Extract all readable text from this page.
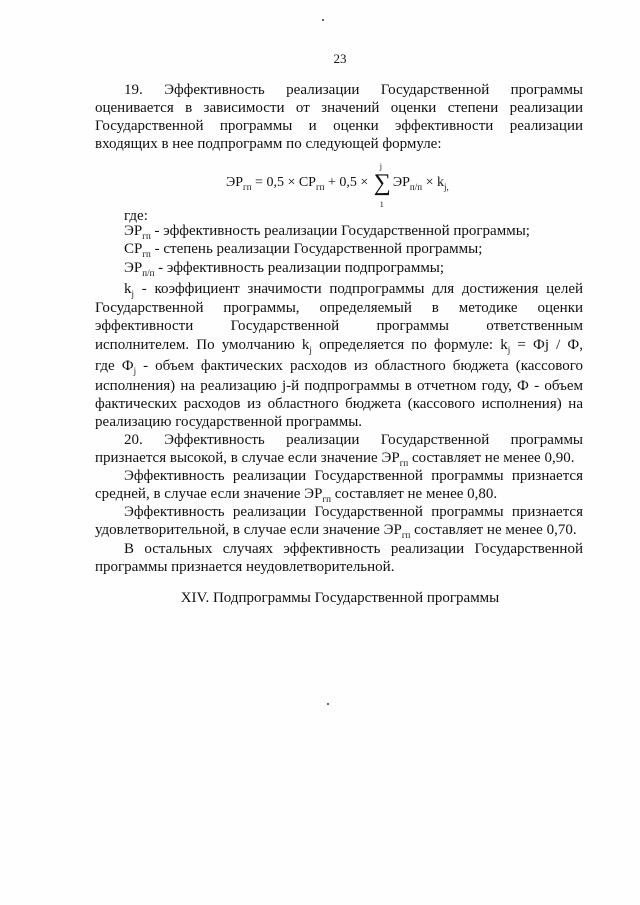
23
19. Эффективность реализации Государственной программы
оценивается в зависимости от значений оценки степени реализации
Государственной программы и оценки эффективности реализации
входящих в нее подпрограмм по следующей формуле:
$ЭР_{гп} = 0,5 \times СР_{гп} + 0,5$ ×
j
∑
1
$ЭР_{п/п} \times k_{j,}$
где:
$ЭР_{гп}$ - эффективность реализации Государственной программы;
$СР_{гп}$ - степень реализации Государственной программы;
$ЭР_{п/п}$ - эффективность реализации подпрограммы;
$k_j$ - коэффициент значимости подпрограммы для достижения целей
Государственной программы, определяемый в методике оценки
эффективности Государственной программы ответственным
исполнителем. По умолчанию $k_j$ определяется по формуле: $k_j$ = Фj / Ф,
где $Ф_j$ - объем фактических расходов из областного бюджета (кассового
исполнения) на реализацию j-й подпрограммы в отчетном году, Ф - объем
фактических расходов из областного бюджета (кассового исполнения) на
реализацию государственной программы.
20. Эффективность реализации Государственной программы
признается высокой, в случае если значение $ЭР_{гп}$ составляет не менее 0,90.
Эффективность реализации Государственной программы признается
средней, в случае если значение $ЭР_{гп}$ составляет не менее 0,80.
Эффективность реализации Государственной программы признается
удовлетворительной, в случае если значение $ЭР_{гп}$ составляет не менее 0,70.
В остальных случаях эффективность реализации Государственной
программы признается неудовлетворительной.
XIV. Подпрограммы Государственной программы
